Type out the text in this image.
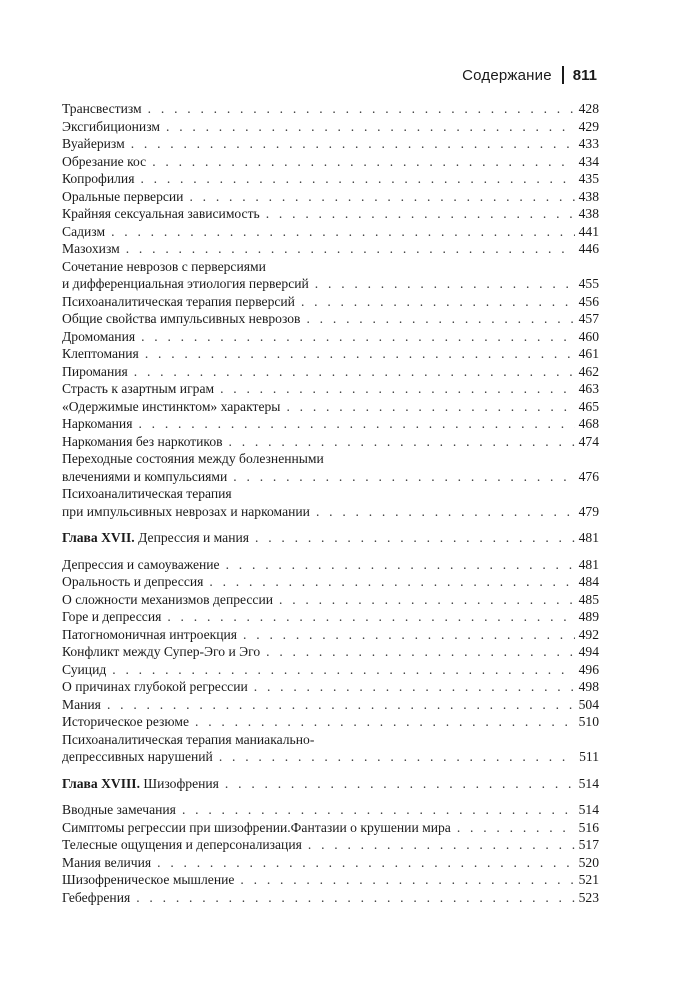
Содержание 811
Трансвестизм . . .	428
Эксгибиционизм . . .	429
Вуайеризм . . .	433
Обрезание кос . . .	434
Копрофилия . . .	435
Оральные перверсии . . .	438
Крайняя сексуальная зависимость . . .	438
Садизм . . .	441
Мазохизм . . .	446
Сочетание неврозов с перверсиями
и дифференциальная этиология перверсий . . .	455
Психоаналитическая терапия перверсий . . .	456
Общие свойства импульсивных неврозов . . .	457
Дромомания . . .	460
Клептомания . . .	461
Пиромания . . .	462
Страсть к азартным играм . . .	463
«Одержимые инстинктом» характеры . . .	465
Наркомания . . .	468
Наркомания без наркотиков . . .	474
Переходные состояния между болезненными
влечениями и компульсиями . . .	476
Психоаналитическая терапия
при импульсивных неврозах и наркомании . . .	479
Глава XVII. Депрессия и мания . . .	481
Депрессия и самоуважение . . .	481
Оральность и депрессия . . .	484
О сложности механизмов депрессии . . .	485
Горе и депрессия . . .	489
Патогномоничная интроекция . . .	492
Конфликт между Супер-Эго и Эго . . .	494
Суицид . . .	496
О причинах глубокой регрессии . . .	498
Мания . . .	504
Историческое резюме . . .	510
Психоаналитическая терапия маниакально-
депрессивных нарушений . . .	511
Глава XVIII. Шизофрения . . .	514
Вводные замечания . . .	514
Симптомы регрессии при шизофрении.Фантазии о крушении мира . . .	516
Телесные ощущения и деперсонализация . . .	517
Мания величия . . .	520
Шизофреническое мышление . . .	521
Гебефрения . . .	523
